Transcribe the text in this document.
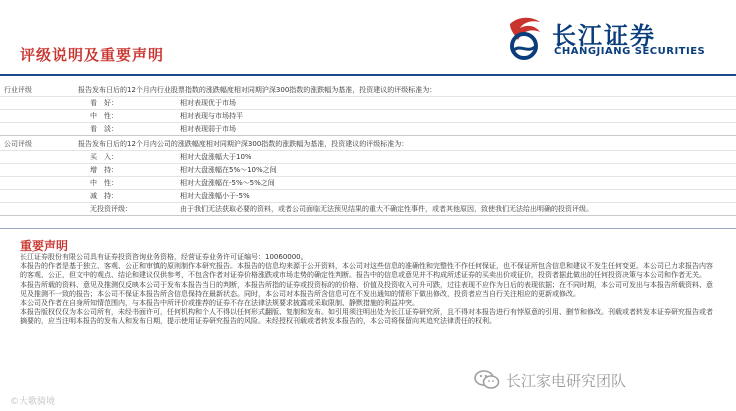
评级说明及重要声明
长江证券
CHANGJIANG SECURITIES
行业评级	报告发布日后的12个月内行业股票指数的涨跌幅度相对同期沪深300指数的涨跌幅为基准，投资建议的评级标准为：
看　好：	相对表现优于市场
中　性：	相对表现与市场持平
看　淡：	相对表现弱于市场
公司评级	报告发布日后的12个月内公司的涨跌幅度相对同期沪深300指数的涨跌幅为基准，投资建议的评级标准为：
买　入：	相对大盘涨幅大于10%
增　持：	相对大盘涨幅在5%～10%之间
中　性：	相对大盘涨幅在-5%～5%之间
减　持：	相对大盘涨幅小于-5%
无投资评级：	由于我们无法获取必要的资料，或者公司面临无法预见结果的重大不确定性事件，或者其他原因，致使我们无法给出明确的投资评级。
重要声明

长江证券股份有限公司具有证券投资咨询业务资格，经营证券业务许可证编号：10060000。

本报告的作者是基于独立、客观、公正和审慎的原则制作本研究报告。本报告的信息均来源于公开资料，本公司对这些信息的准确性和完整性不作任何保证，也不保证所包含信息和建议不发生任何变更。本公司已力求报告内容的客观、公正，但文中的观点、结论和建议仅供参考，不包含作者对证券价格涨跌或市场走势的确定性判断。报告中的信息或意见并不构成所述证券的买卖出价或征价，投资者据此做出的任何投资决策与本公司和作者无关。

本报告所载的资料、意见及推测仅反映本公司于发布本报告当日的判断，本报告所指的证券或投资标的的价格、价值及投资收入可升可跌，过往表现不应作为日后的表现依据；在不同时期，本公司可发出与本报告所载资料、意见及推测不一致的报告；本公司不保证本报告所含信息保持在最新状态。同时，本公司对本报告所含信息可在不发出通知的情形下做出修改，投资者应当自行关注相应的更新或修改。

本公司及作者在自身所知情范围内，与本报告中所评价或推荐的证券不存在法律法规要求披露或采取限制、静默措施的利益冲突。

本报告版权仅仅为本公司所有，未经书面许可，任何机构和个人不得以任何形式翻版、复制和发布。如引用须注明出处为长江证券研究所，且不得对本报告进行有悖原意的引用、删节和修改。刊载或者转发本证券研究报告或者摘要的，应当注明本报告的发布人和发布日期，提示使用证券研究报告的风险。未经授权刊载或者转发本报告的，本公司将保留向其追究法律责任的权利。

©大歌骑境
长江家电研究团队
